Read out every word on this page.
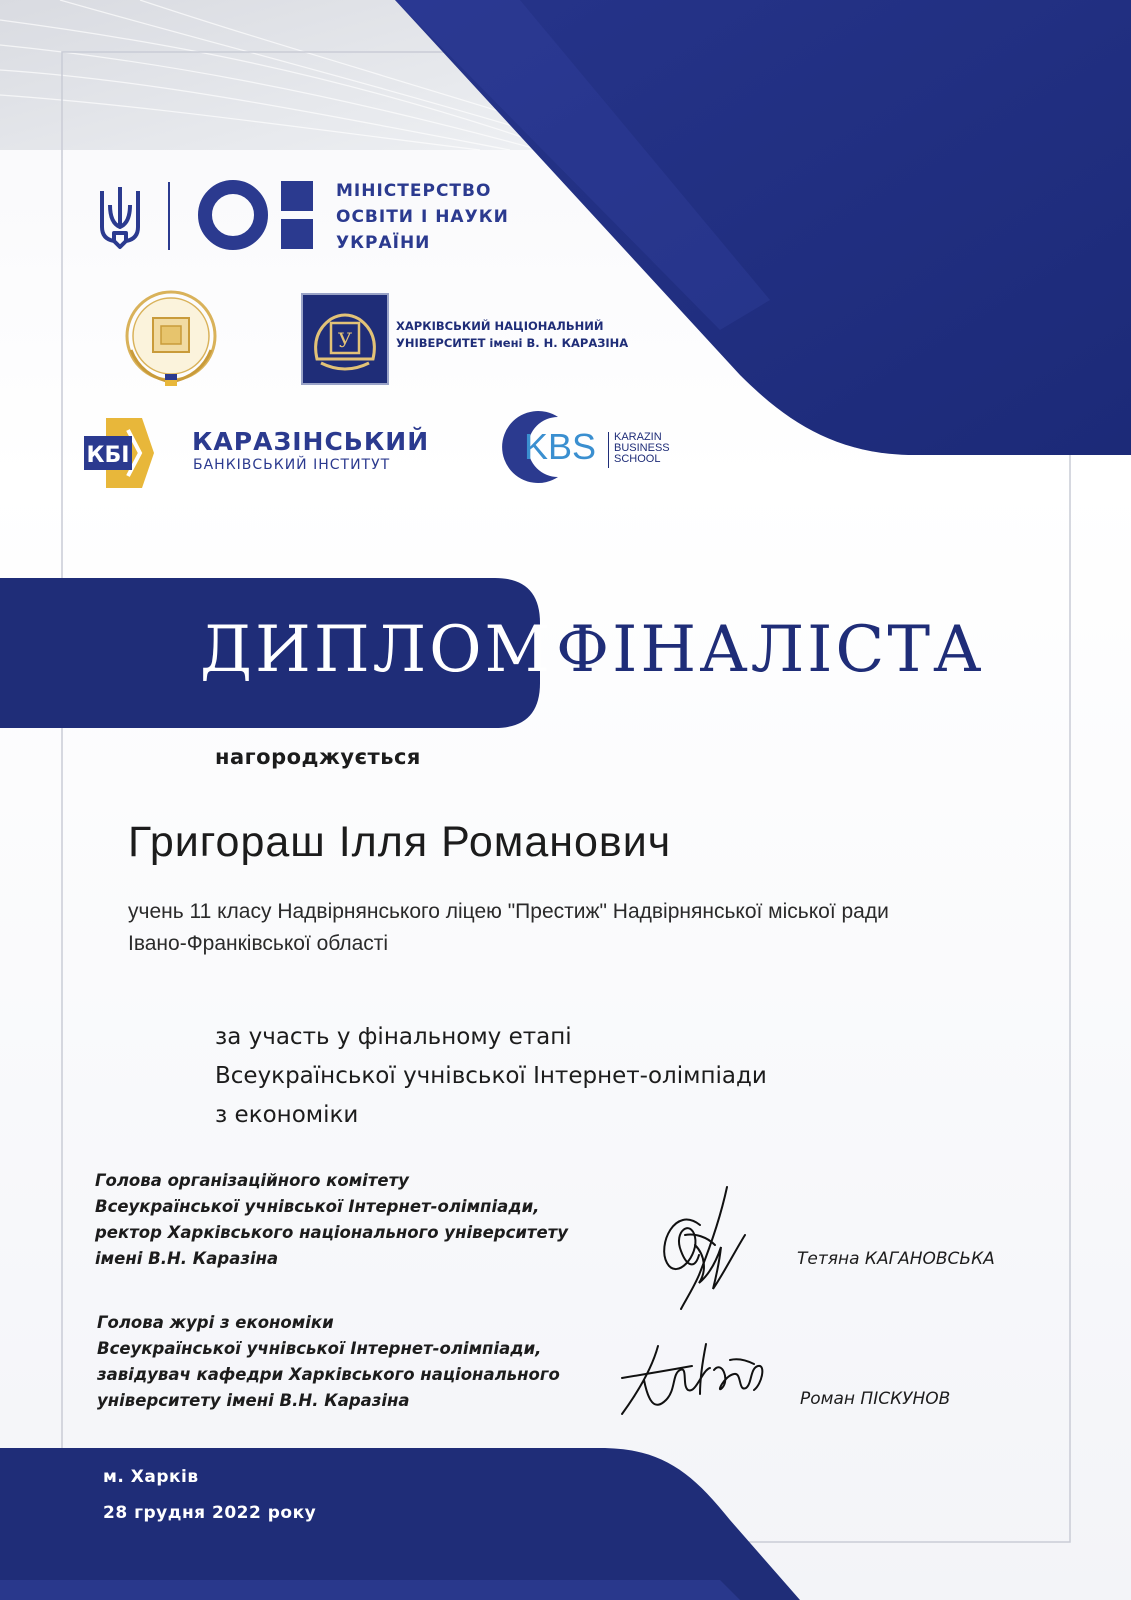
МІНІСТЕРСТВО
ОСВІТИ І НАУКИ
УКРАЇНИ
У
ХАРКІВСЬКИЙ НАЦІОНАЛЬНИЙ
УНІВЕРСИТЕТ імені В. Н. КАРАЗІНА
КБІ	КАРАЗІНСЬКИЙ
БАНКІВСЬКИЙ ІНСТИТУТ	KBS KARAZIN
BUSINESS
SCHOOL
ДИПЛОМ ФІНАЛІСТА
нагороджується
Григораш Ілля Романович
учень 11 класу Надвірнянського ліцею "Престиж" Надвірнянської міської ради
Івано-Франківської області
за участь у фінальному етапі
Всеукраїнської учнівської Інтернет-олімпіади
з економіки
Голова організаційного комітету
Всеукраїнської учнівської Інтернет-олімпіади,
ректор Харківського національного університету
імені В.Н. Каразіна	Тетяна КАГАНОВСЬКА
Голова журі з економіки
Всеукраїнської учнівської Інтернет-олімпіади,
завідувач кафедри Харківського національного
університету імені В.Н. Каразіна	Роман ПІСКУНОВ
м. Харків
28 грудня 2022 року
